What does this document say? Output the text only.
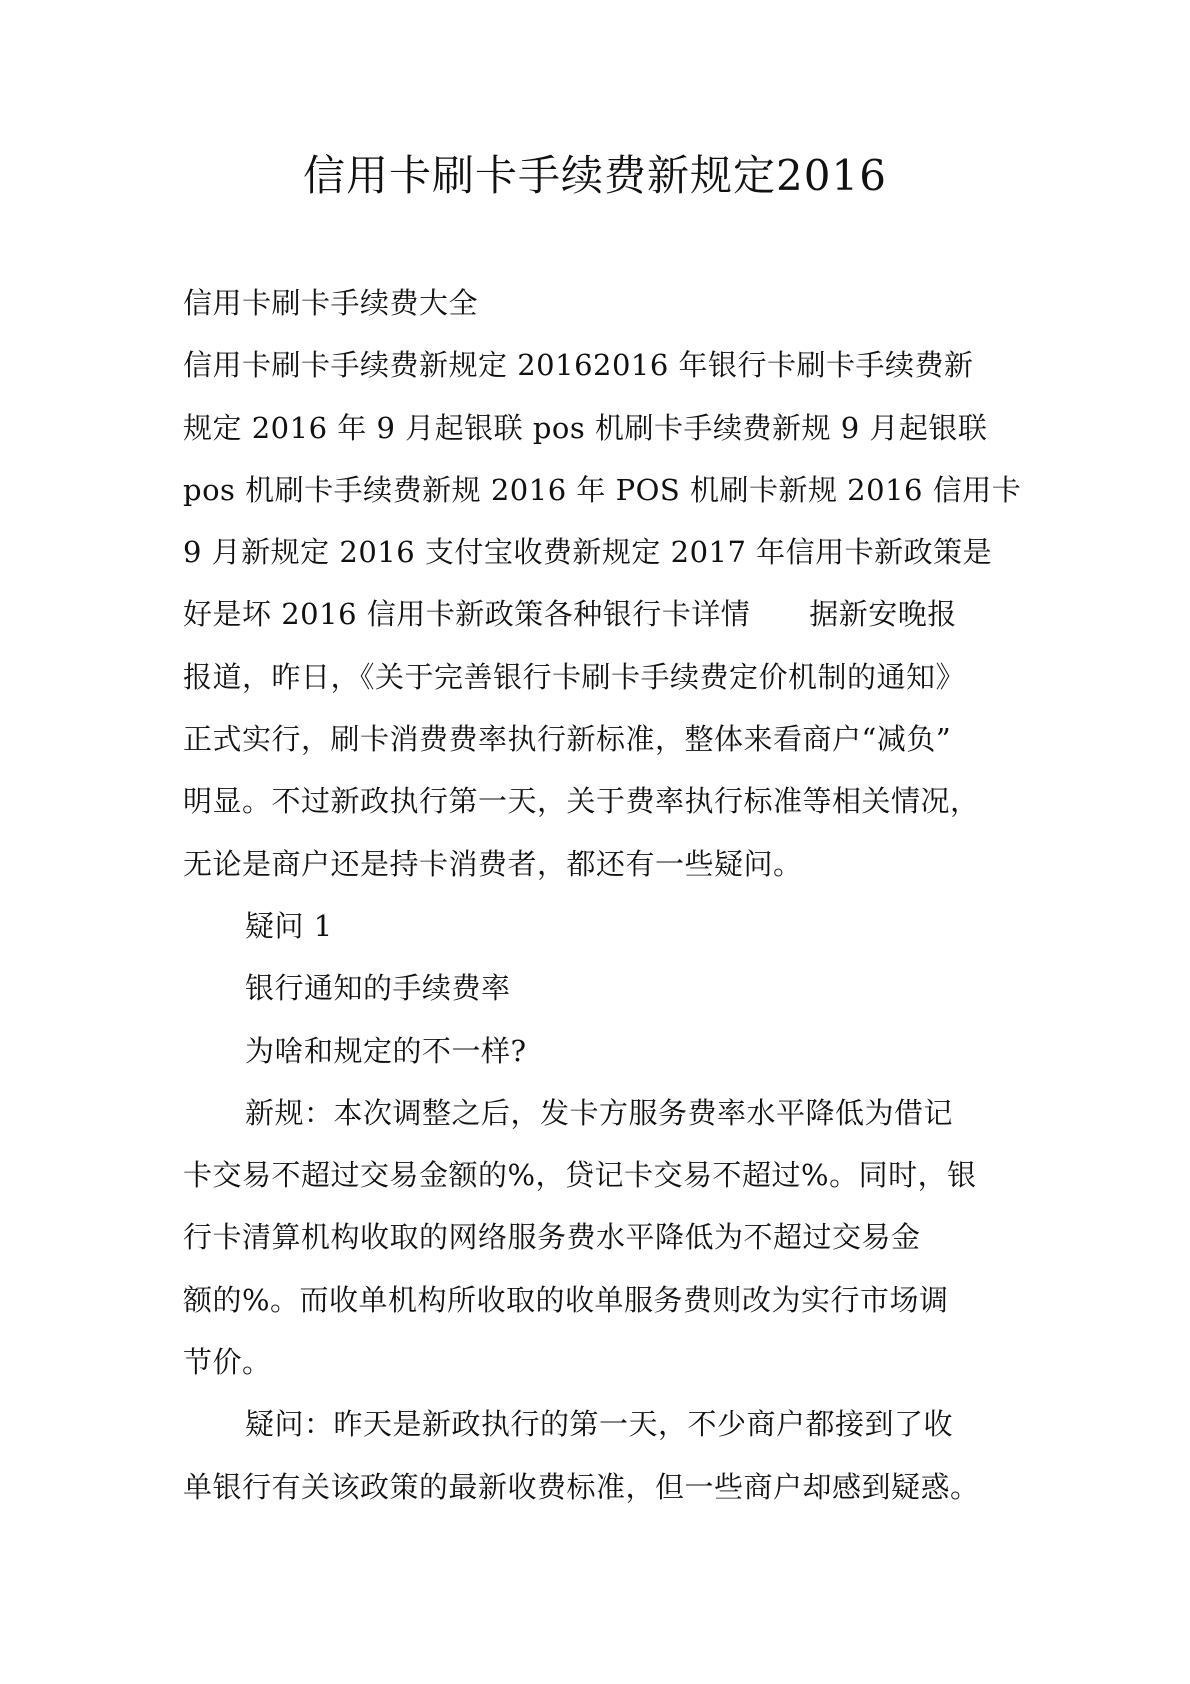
信用卡刷卡手续费新规定2016

信用卡刷卡手续费大全

信用卡刷卡手续费新规定 20162016 年银行卡刷卡手续费新

规定 2016 年 9 月起银联 pos 机刷卡手续费新规 9 月起银联

pos 机刷卡手续费新规 2016 年 POS 机刷卡新规 2016 信用卡

9 月新规定 2016 支付宝收费新规定 2017 年信用卡新政策是

好是坏 2016 信用卡新政策各种银行卡详情　　据新安晚报

报道，昨日，《关于完善银行卡刷卡手续费定价机制的通知》

正式实行，刷卡消费费率执行新标准，整体来看商户“减负”

明显。不过新政执行第一天，关于费率执行标准等相关情况，

无论是商户还是持卡消费者，都还有一些疑问。

疑问 1

银行通知的手续费率

为啥和规定的不一样?

新规：本次调整之后，发卡方服务费率水平降低为借记

卡交易不超过交易金额的%，贷记卡交易不超过%。同时，银

行卡清算机构收取的网络服务费水平降低为不超过交易金

额的%。而收单机构所收取的收单服务费则改为实行市场调

节价。

疑问：昨天是新政执行的第一天，不少商户都接到了收

单银行有关该政策的最新收费标准，但一些商户却感到疑惑。
